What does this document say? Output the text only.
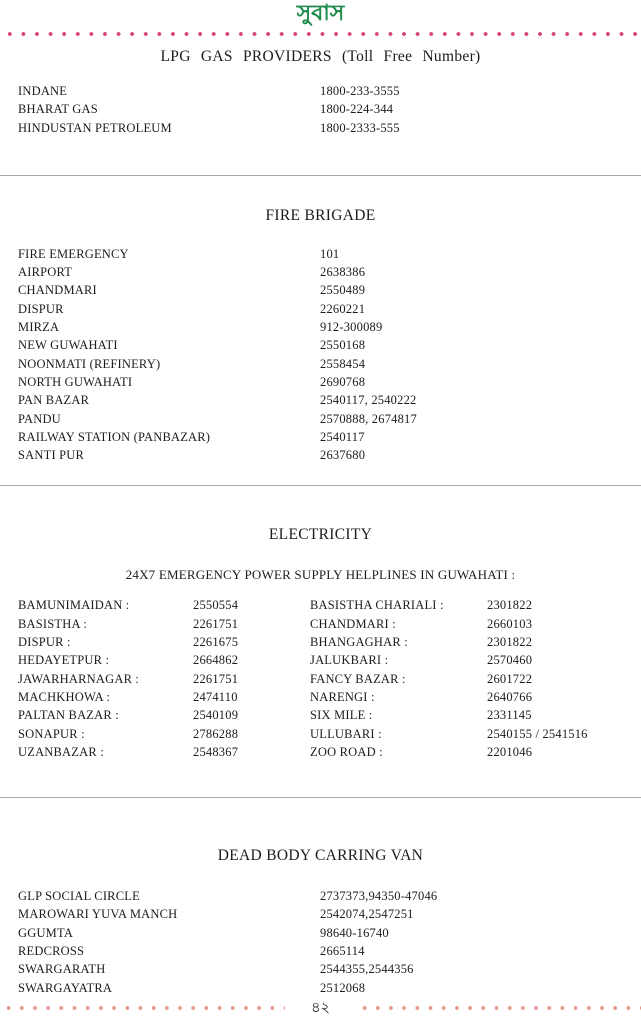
সুবাস
LPG GAS PROVIDERS (Toll Free Number)
INDANE	1800-233-3555
BHARAT GAS	1800-224-344
HINDUSTAN PETROLEUM	1800-2333-555
FIRE BRIGADE
FIRE EMERGENCY	101
AIRPORT	2638386
CHANDMARI	2550489
DISPUR	2260221
MIRZA	912-300089
NEW GUWAHATI	2550168
NOONMATI (REFINERY)	2558454
NORTH GUWAHATI	2690768
PAN BAZAR	2540117, 2540222
PANDU	2570888, 2674817
RAILWAY STATION (PANBAZAR)	2540117
SANTI PUR	2637680
ELECTRICITY
24X7 EMERGENCY POWER SUPPLY HELPLINES IN GUWAHATI :
BAMUNIMAIDAN :	2550554	BASISTHA CHARIALI :	2301822
BASISTHA :	2261751	CHANDMARI :	2660103
DISPUR :	2261675	BHANGAGHAR :	2301822
HEDAYETPUR :	2664862	JALUKBARI :	2570460
JAWARHARNAGAR :	2261751	FANCY BAZAR :	2601722
MACHKHOWA :	2474110	NARENGI :	2640766
PALTAN BAZAR :	2540109	SIX MILE :	2331145
SONAPUR :	2786288	ULLUBARI :	2540155 / 2541516
UZANBAZAR :	2548367	ZOO ROAD :	2201046
DEAD BODY CARRING VAN
GLP SOCIAL CIRCLE	2737373,94350-47046
MAROWARI YUVA MANCH	2542074,2547251
GGUMTA	98640-16740
REDCROSS	2665114
SWARGARATH	2544355,2544356
SWARGAYATRA	2512068
৪২
